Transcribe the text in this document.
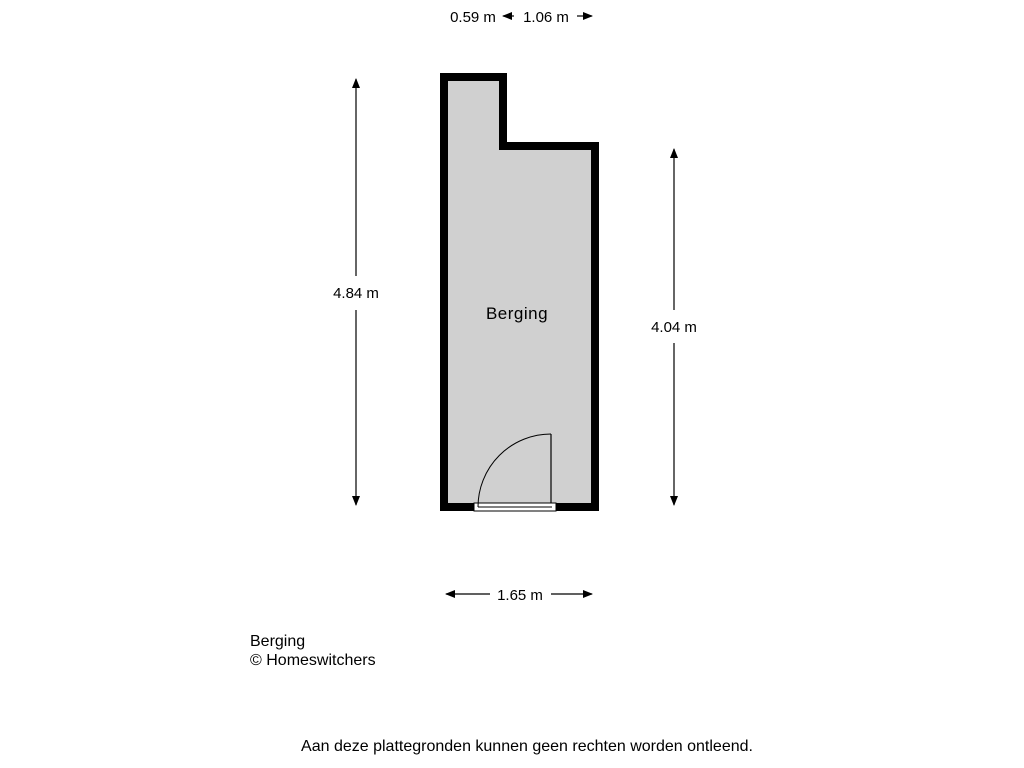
Berging
0.59 m 1.06 m
4.84 m
4.04 m
1.65 m
Berging
© Homeswitchers
Aan deze plattegronden kunnen geen rechten worden ontleend.
